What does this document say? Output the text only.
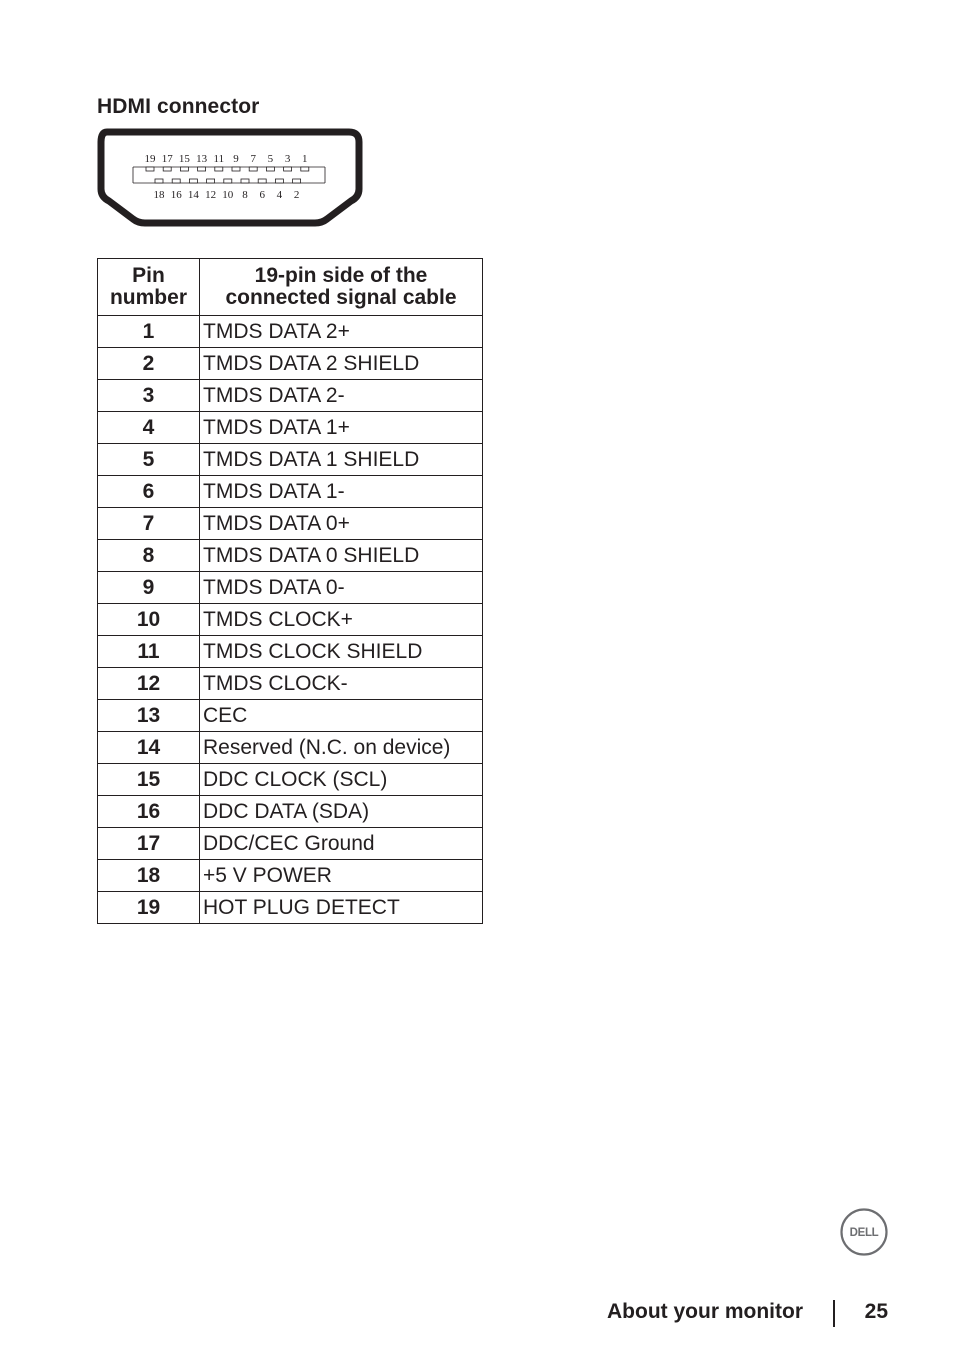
HDMI connector
19 17 15 13 11 9 7 5 3 1
18 16 14 12 10 8 6 4 2
Pin number	19-pin side of the connected signal cable
1	TMDS DATA 2+
2	TMDS DATA 2 SHIELD
3	TMDS DATA 2-
4	TMDS DATA 1+
5	TMDS DATA 1 SHIELD
6	TMDS DATA 1-
7	TMDS DATA 0+
8	TMDS DATA 0 SHIELD
9	TMDS DATA 0-
10	TMDS CLOCK+
11	TMDS CLOCK SHIELD
12	TMDS CLOCK-
13	CEC
14	Reserved (N.C. on device)
15	DDC CLOCK (SCL)
16	DDC DATA (SDA)
17	DDC/CEC Ground
18	+5 V POWER
19	HOT PLUG DETECT
DELL
About your monitor	25
